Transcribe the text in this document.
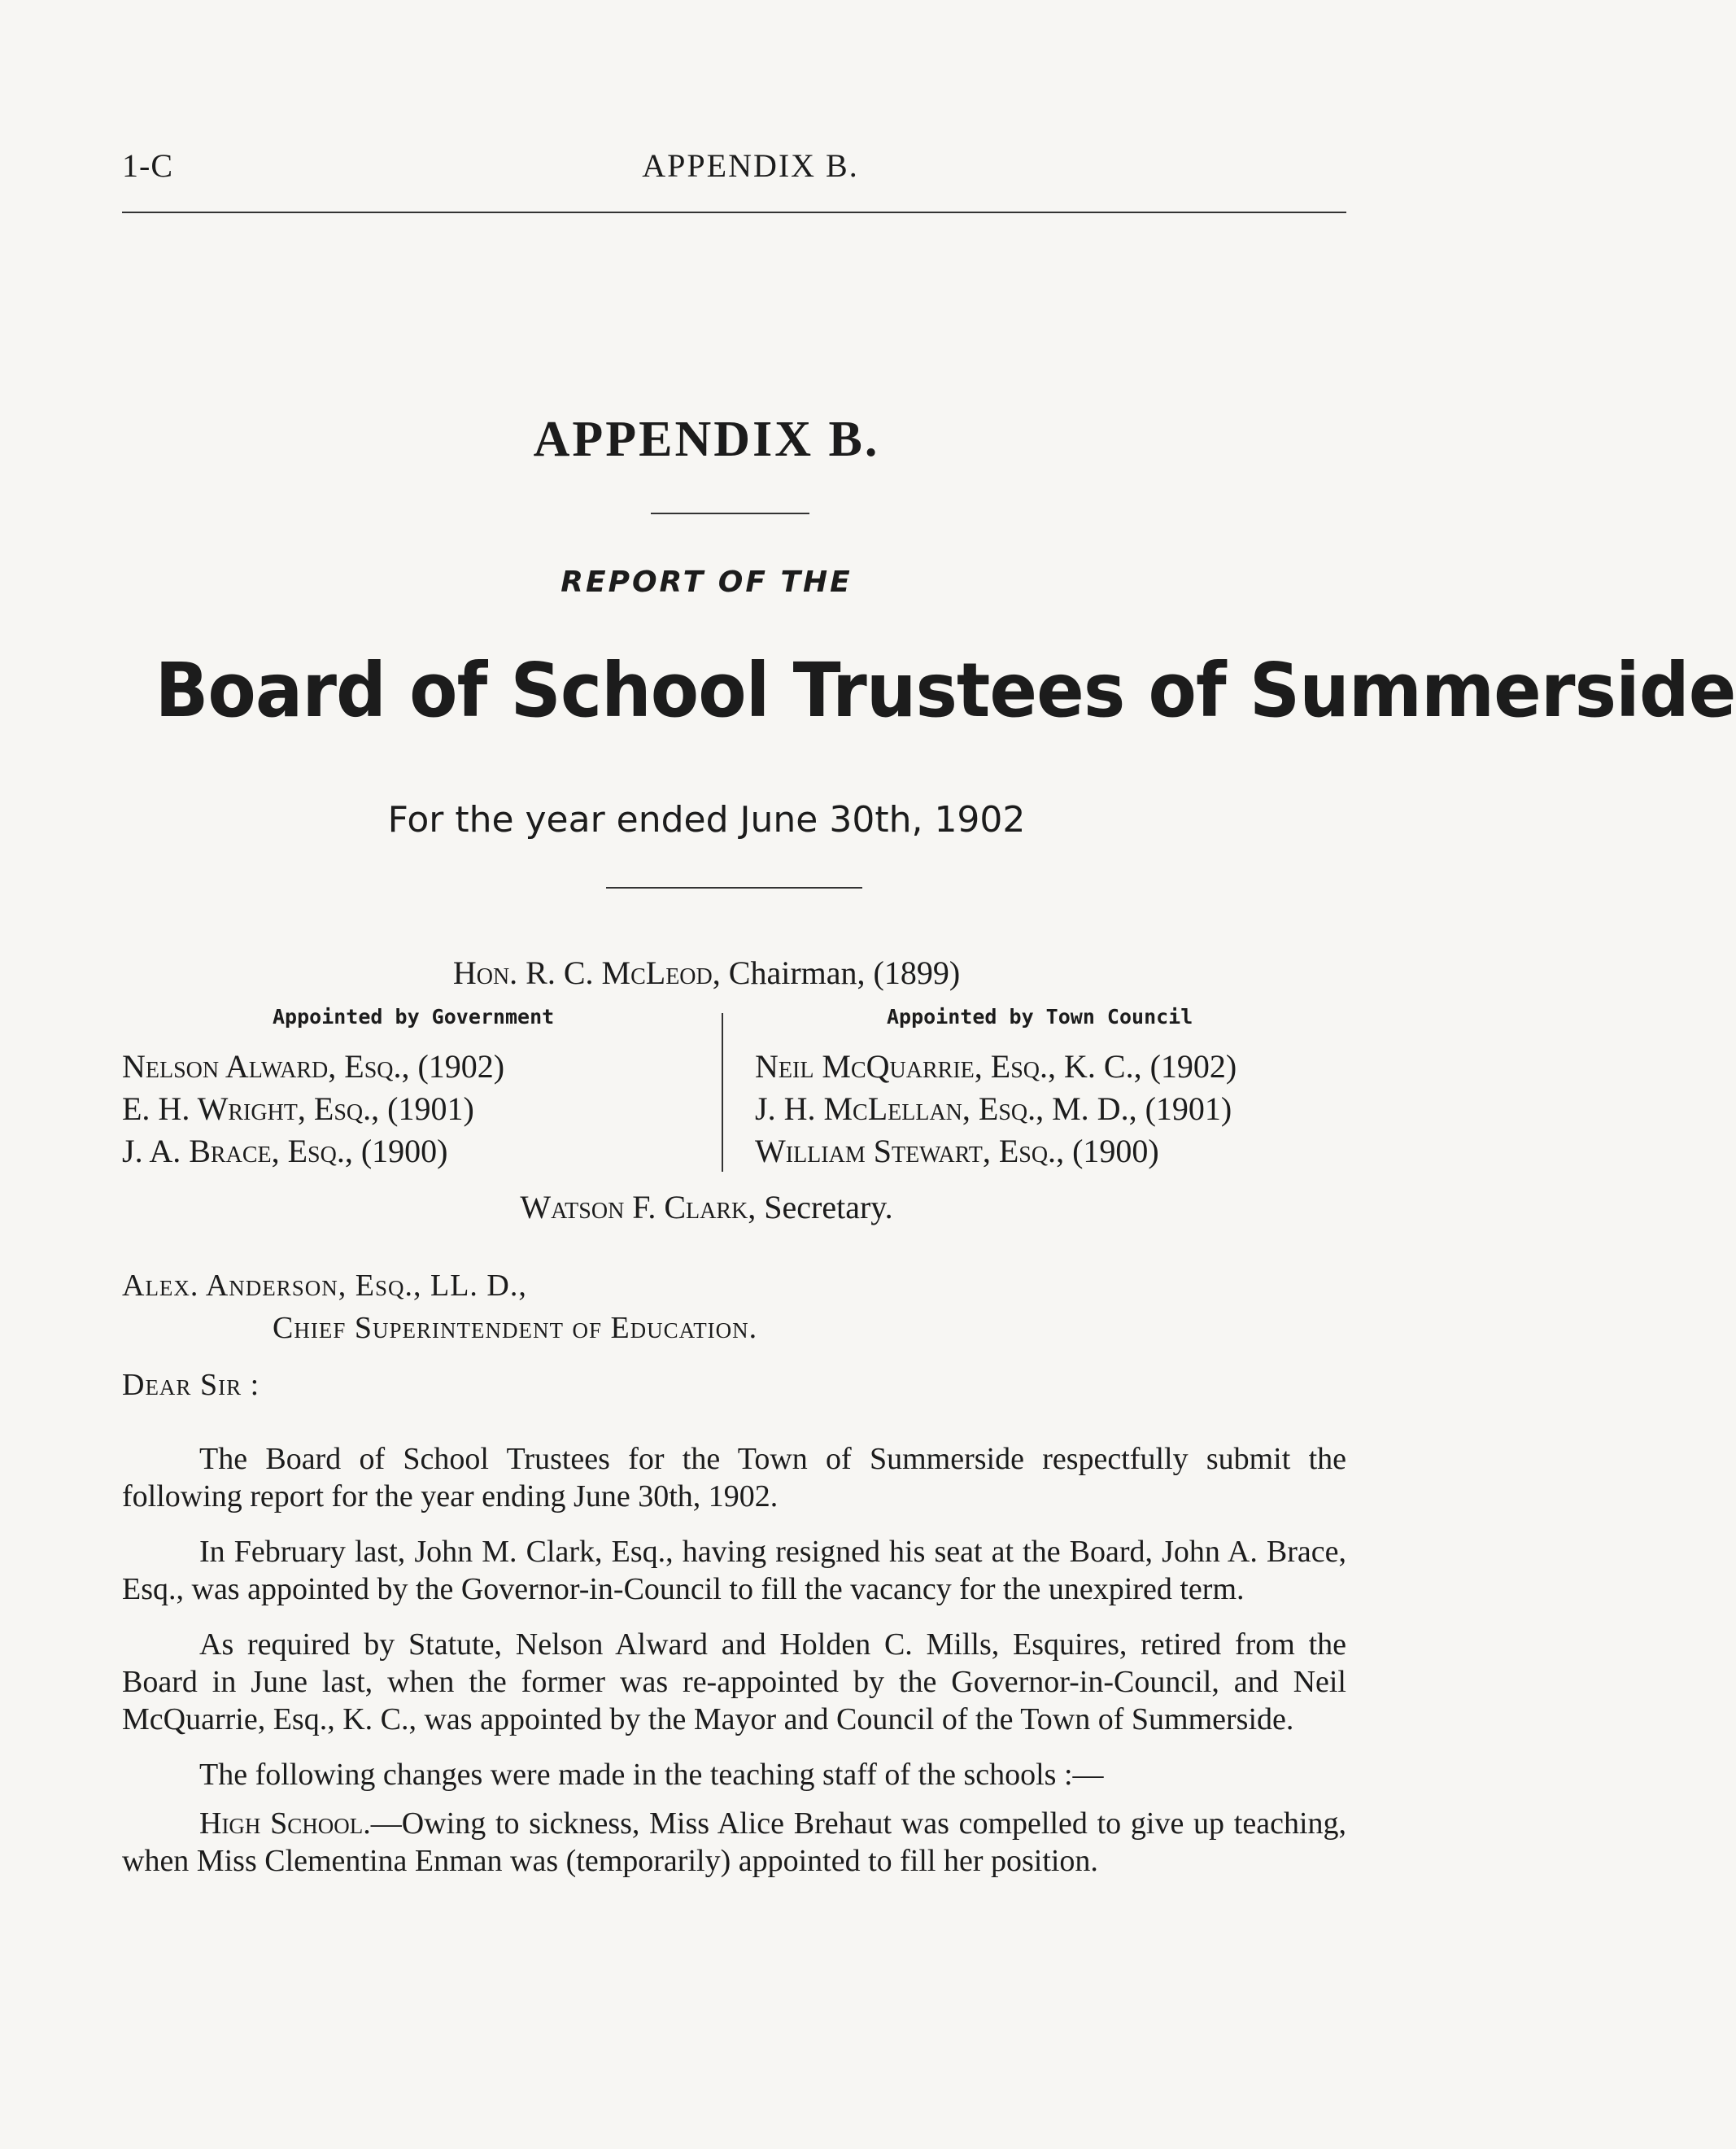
1-C	APPENDIX B.
APPENDIX B.
REPORT OF THE
Board of School Trustees of Summerside
For the year ended June 30th, 1902
Hon. R. C. McLeod, Chairman, (1899)
Appointed by Government	Appointed by Town Council
Nelson Alward, Esq., (1902)
E. H. Wright, Esq., (1901)
J. A. Brace, Esq., (1900)
Neil McQuarrie, Esq., K. C., (1902)
J. H. McLellan, Esq., M. D., (1901)
William Stewart, Esq., (1900)
Watson F. Clark, Secretary.
Alex. Anderson, Esq., LL. D.,
Chief Superintendent of Education.
Dear Sir :

The Board of School Trustees for the Town of Summerside respectfully submit the following report for the year ending June 30th, 1902.

In February last, John M. Clark, Esq., having resigned his seat at the Board, John A. Brace, Esq., was appointed by the Governor-in-Council to fill the vacancy for the unexpired term.

As required by Statute, Nelson Alward and Holden C. Mills, Esquires, retired from the Board in June last, when the former was re-appointed by the Governor-in-Council, and Neil McQuarrie, Esq., K. C., was appointed by the Mayor and Council of the Town of Summerside.

The following changes were made in the teaching staff of the schools :—

High School.—Owing to sickness, Miss Alice Brehaut was compelled to give up teaching, when Miss Clementina Enman was (temporarily) appointed to fill her position.
